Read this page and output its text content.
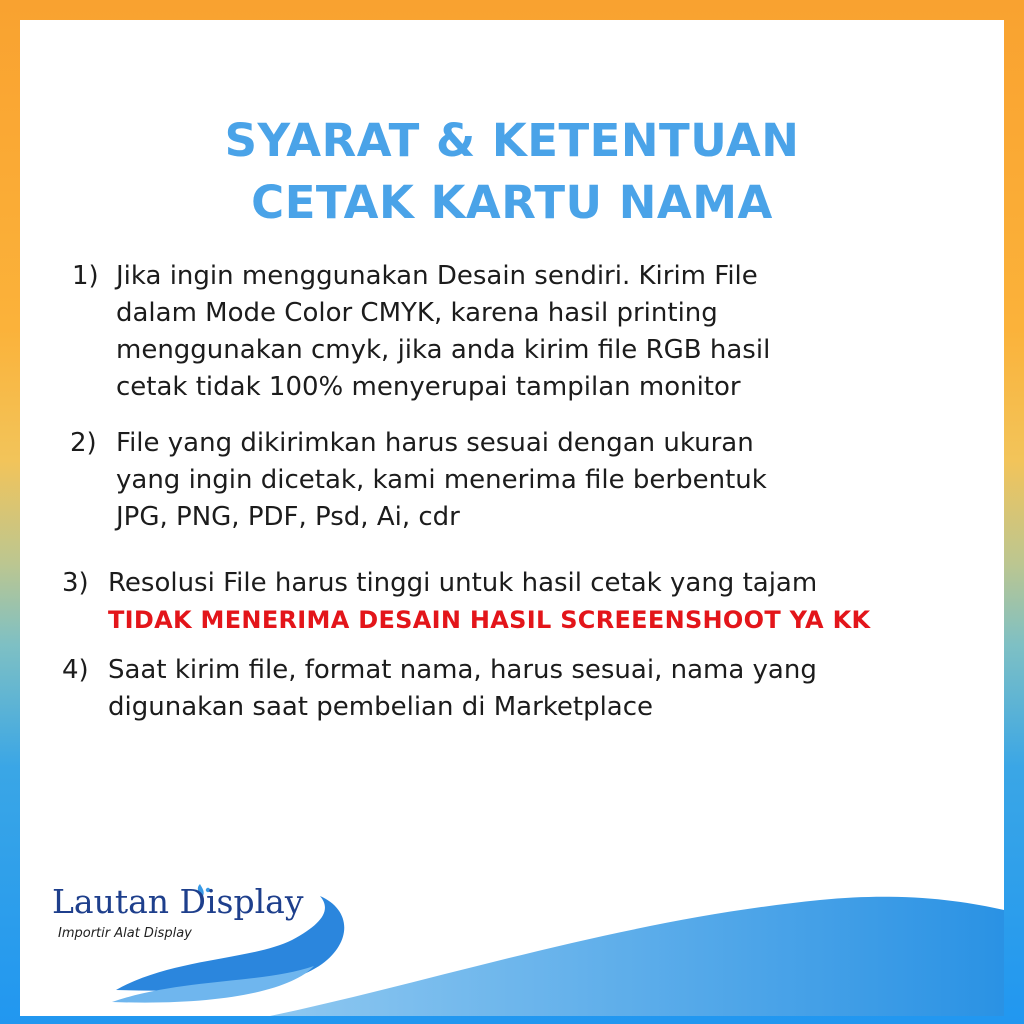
SYARAT & KETENTUAN
CETAK KARTU NAMA
1) Jika ingin menggunakan Desain sendiri. Kirim File
dalam Mode Color CMYK, karena hasil printing
menggunakan cmyk, jika anda kirim file RGB hasil
cetak tidak 100% menyerupai tampilan monitor
2) File yang dikirimkan harus sesuai dengan ukuran
yang ingin dicetak, kami menerima file berbentuk
JPG, PNG, PDF, Psd, Ai, cdr
3) Resolusi File harus tinggi untuk hasil cetak yang tajam
TIDAK MENERIMA DESAIN HASIL SCREEENSHOOT YA KK
4) Saat kirim file, format nama, harus sesuai, nama yang
digunakan saat pembelian di Marketplace
Lautan Display
Importir Alat Display
